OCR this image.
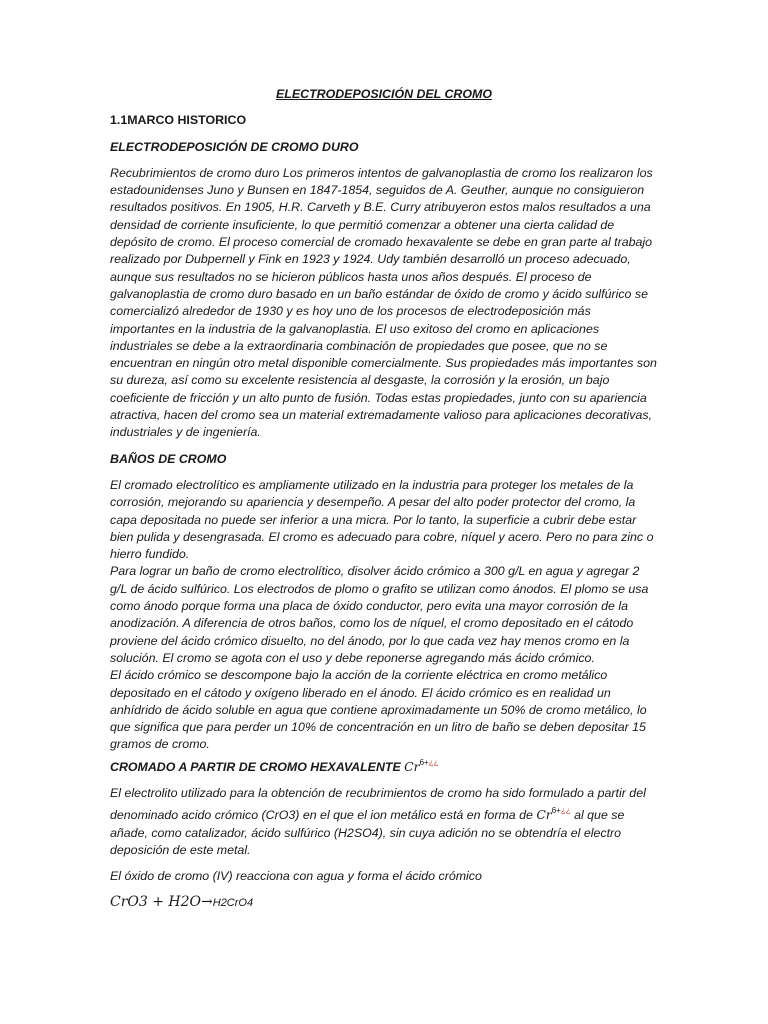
ELECTRODEPOSICIÓN DEL CROMO
1.1MARCO HISTORICO
ELECTRODEPOSICIÓN DE CROMO DURO
Recubrimientos de cromo duro Los primeros intentos de galvanoplastia de cromo los realizaron los estadounidenses Juno y Bunsen en 1847-1854, seguidos de A. Geuther, aunque no consiguieron resultados positivos. En 1905, H.R. Carveth y B.E. Curry atribuyeron estos malos resultados a una densidad de corriente insuficiente, lo que permitió comenzar a obtener una cierta calidad de depósito de cromo. El proceso comercial de cromado hexavalente se debe en gran parte al trabajo realizado por Dubpernell y Fink en 1923 y 1924. Udy también desarrolló un proceso adecuado, aunque sus resultados no se hicieron públicos hasta unos años después. El proceso de galvanoplastia de cromo duro basado en un baño estándar de óxido de cromo y ácido sulfúrico se comercializó alrededor de 1930 y es hoy uno de los procesos de electrodeposición más importantes en la industria de la galvanoplastia. El uso exitoso del cromo en aplicaciones industriales se debe a la extraordinaria combinación de propiedades que posee, que no se encuentran en ningún otro metal disponible comercialmente. Sus propiedades más importantes son su dureza, así como su excelente resistencia al desgaste, la corrosión y la erosión, un bajo coeficiente de fricción y un alto punto de fusión. Todas estas propiedades, junto con su apariencia atractiva, hacen del cromo sea un material extremadamente valioso para aplicaciones decorativas, industriales y de ingeniería.
BAÑOS DE CROMO
El cromado electrolítico es ampliamente utilizado en la industria para proteger los metales de la corrosión, mejorando su apariencia y desempeño. A pesar del alto poder protector del cromo, la capa depositada no puede ser inferior a una micra. Por lo tanto, la superficie a cubrir debe estar bien pulida y desengrasada. El cromo es adecuado para cobre, níquel y acero. Pero no para zinc o hierro fundido.
Para lograr un baño de cromo electrolítico, disolver ácido crómico a 300 g/L en agua y agregar 2 g/L de ácido sulfúrico. Los electrodos de plomo o grafito se utilizan como ánodos. El plomo se usa como ánodo porque forma una placa de óxido conductor, pero evita una mayor corrosión de la anodización. A diferencia de otros baños, como los de níquel, el cromo depositado en el cátodo proviene del ácido crómico disuelto, no del ánodo, por lo que cada vez hay menos cromo en la solución. El cromo se agota con el uso y debe reponerse agregando más ácido crómico.
El ácido crómico se descompone bajo la acción de la corriente eléctrica en cromo metálico depositado en el cátodo y oxígeno liberado en el ánodo. El ácido crómico es en realidad un anhídrido de ácido soluble en agua que contiene aproximadamente un 50% de cromo metálico, lo que significa que para perder un 10% de concentración en un litro de baño se deben depositar 15 gramos de cromo.
CROMADO A PARTIR DE CROMO HEXAVALENTE $Cr^{6+¿¿}$
El electrolito utilizado para la obtención de recubrimientos de cromo ha sido formulado a partir del denominado acido crómico (CrO3) en el que el ion metálico está en forma de $Cr^{6+¿¿}$ al que se añade, como catalizador, ácido sulfúrico (H2SO4), sin cuya adición no se obtendría el electro deposición de este metal.
El óxido de cromo (IV) reacciona con agua y forma el ácido crómico
CrO3 + H2O→H2CrO4
